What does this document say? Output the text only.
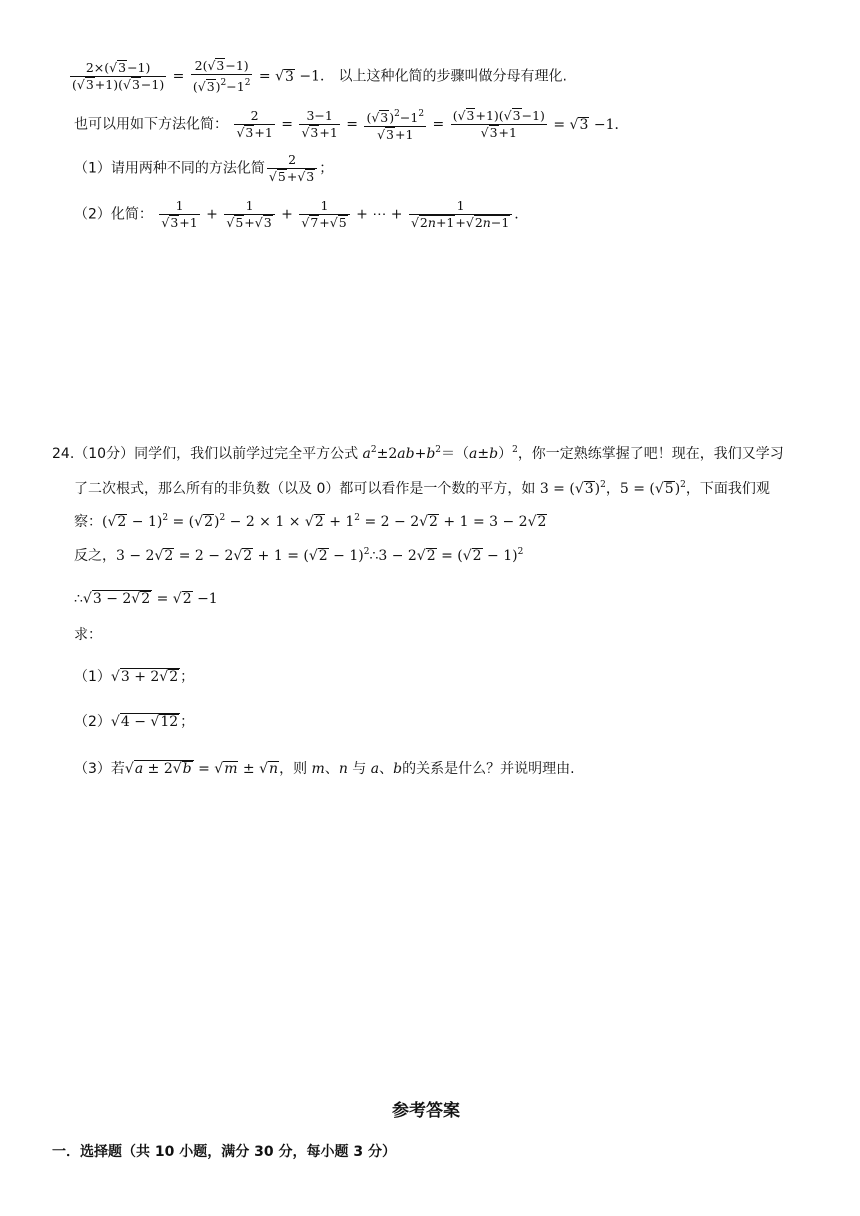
$\frac{2\times(√3-1)}{(√3+1)(√3-1)} = \frac{2(√3-1)}{(√3)^2-1^2} = √3 -1$． 以上这种化简的步骤叫做分母有理化.
也可以用如下方法化简： $\frac{2}{√3+1} = \frac{3-1}{√3+1} = \frac{(√3)^2-1^2}{√3+1} = \frac{(√3+1)(√3-1)}{√3+1} = √3 -1$．
（1）请用两种不同的方法化简 $\frac{2}{√5+√3}$ ；
（2）化简： $\frac{1}{√3+1} + \frac{1}{√5+√3} + \frac{1}{√7+√5}$ + ⋯ + $\frac{1}{√2n+1+√2n-1}$ .
24.（10分）同学们，我们以前学过完全平方公式 $a^2\pm 2ab+b^2=(a\pm b)^2$，你一定熟练掌握了吧！现在，我们又学习
了二次根式，那么所有的非负数（以及 0）都可以看作是一个数的平方，如 $3 = (√3)^2$，$5 = (√5)^2$，下面我们观
察：$(√2 - 1)^2 = (√2)^2 - 2 \times 1 \times √2 + 1^2 = 2 - 2√2 + 1 = 3 - 2√2$
反之，$3 - 2√2 = 2 - 2√2 + 1 = (√2 - 1)^2\therefore 3 - 2√2 = (√2 - 1)^2$
∴√3 − 2√2 = √2 −1
求：
（1）√3 + 2√2 ；
（2）√4 − √12 ；
（3）若√a ± 2√b = √m ± √n，则 m、n 与 a、b的关系是什么？并说明理由.
参考答案
一．选择题（共 10 小题，满分 30 分，每小题 3 分）
